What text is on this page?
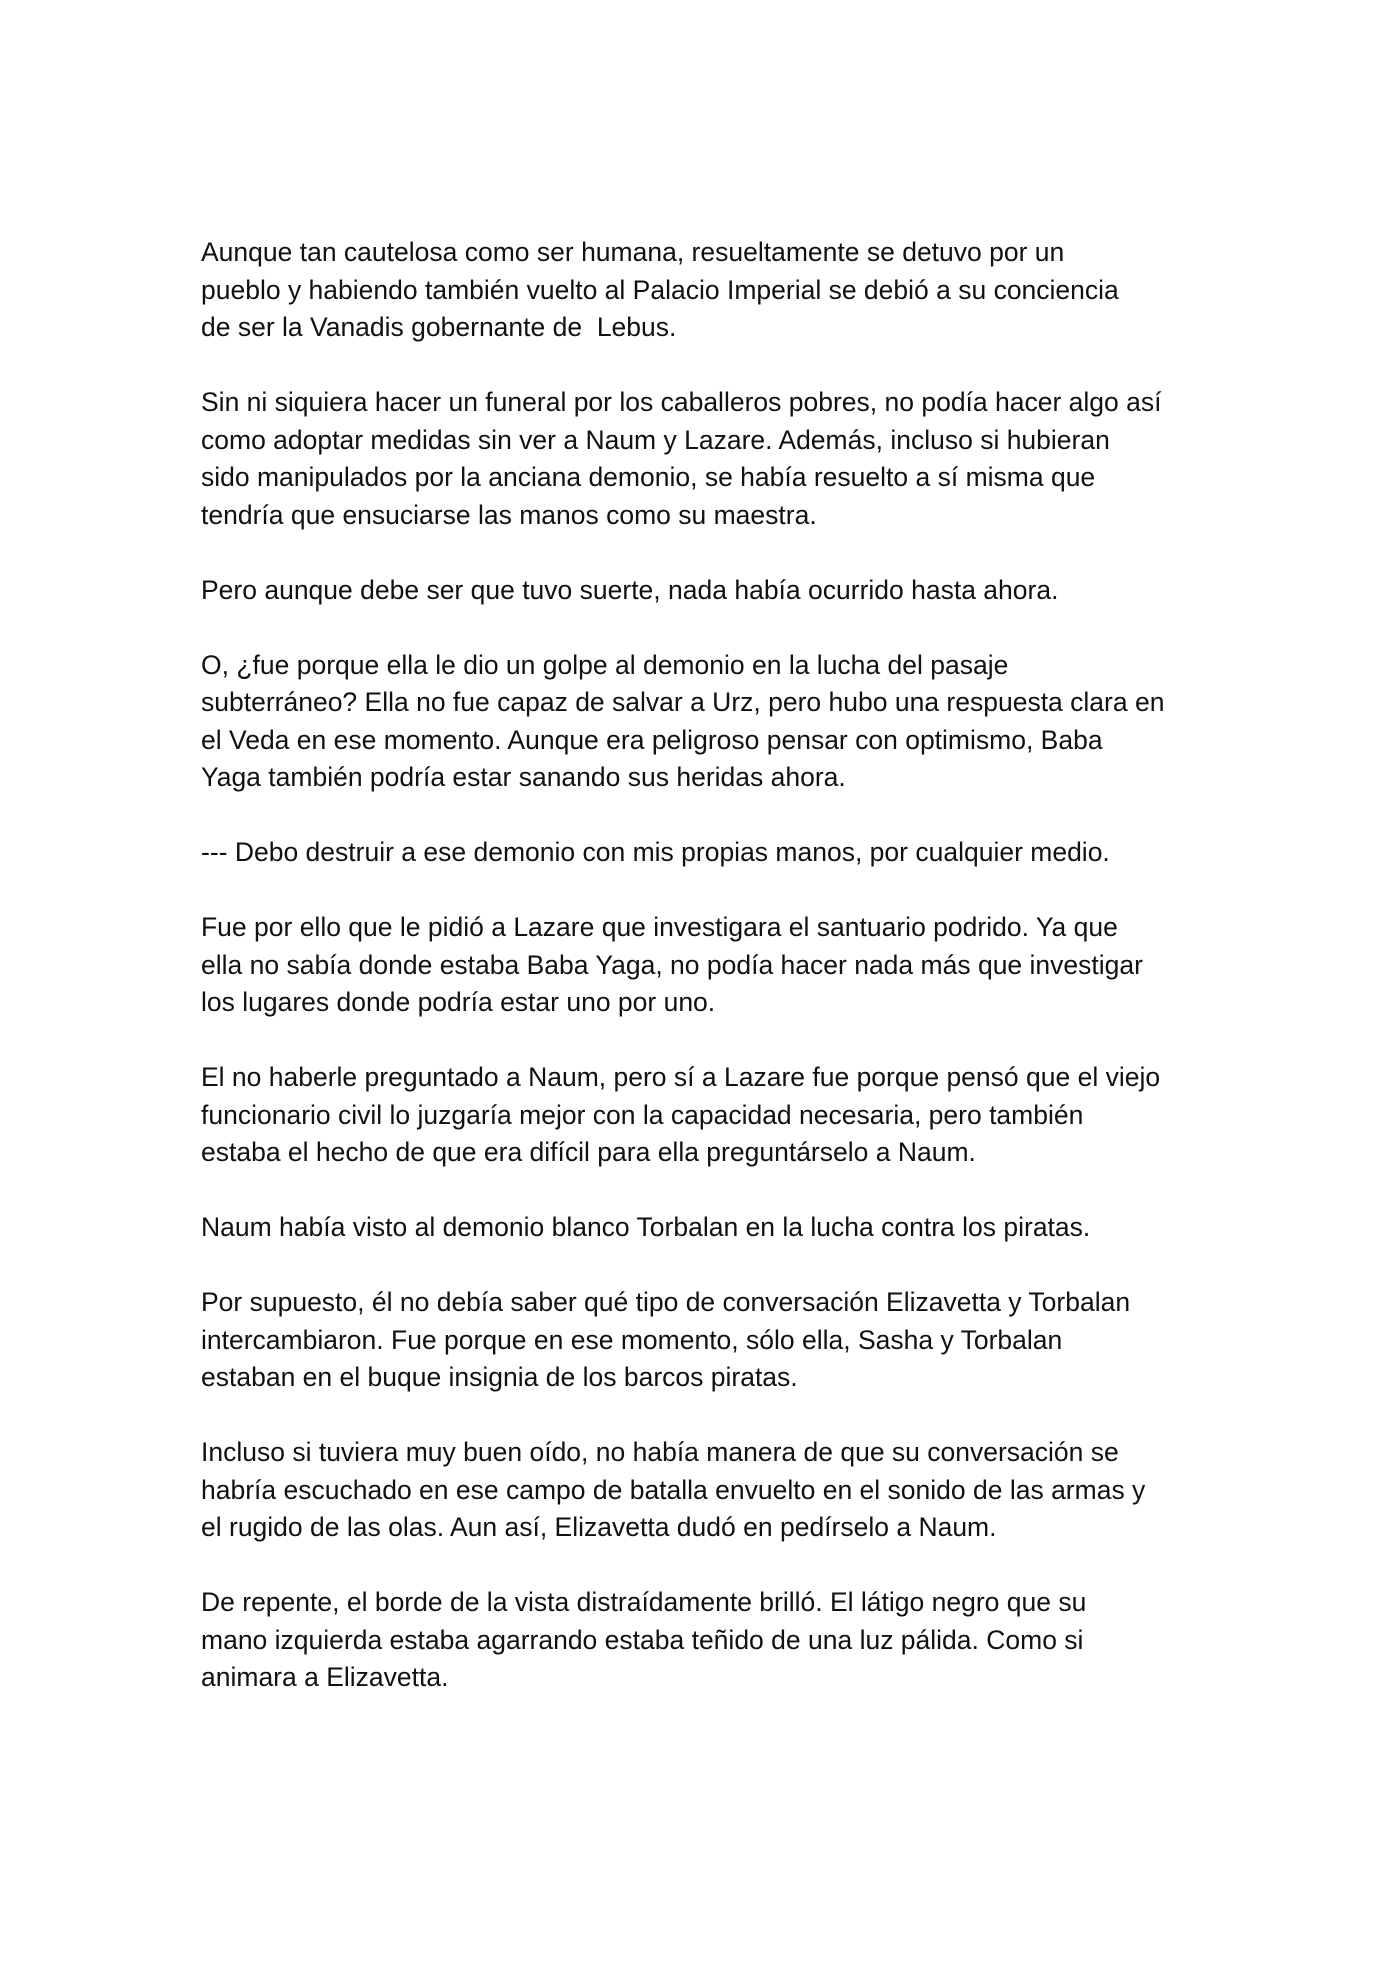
Aunque tan cautelosa como ser humana, resueltamente se detuvo por un
pueblo y habiendo también vuelto al Palacio Imperial se debió a su conciencia
de ser la Vanadis gobernante de  Lebus.

Sin ni siquiera hacer un funeral por los caballeros pobres, no podía hacer algo así
como adoptar medidas sin ver a Naum y Lazare. Además, incluso si hubieran
sido manipulados por la anciana demonio, se había resuelto a sí misma que
tendría que ensuciarse las manos como su maestra.

Pero aunque debe ser que tuvo suerte, nada había ocurrido hasta ahora.

O, ¿fue porque ella le dio un golpe al demonio en la lucha del pasaje
subterráneo? Ella no fue capaz de salvar a Urz, pero hubo una respuesta clara en
el Veda en ese momento. Aunque era peligroso pensar con optimismo, Baba
Yaga también podría estar sanando sus heridas ahora.

--- Debo destruir a ese demonio con mis propias manos, por cualquier medio.

Fue por ello que le pidió a Lazare que investigara el santuario podrido. Ya que
ella no sabía donde estaba Baba Yaga, no podía hacer nada más que investigar
los lugares donde podría estar uno por uno.

El no haberle preguntado a Naum, pero sí a Lazare fue porque pensó que el viejo
funcionario civil lo juzgaría mejor con la capacidad necesaria, pero también
estaba el hecho de que era difícil para ella preguntárselo a Naum.

Naum había visto al demonio blanco Torbalan en la lucha contra los piratas.

Por supuesto, él no debía saber qué tipo de conversación Elizavetta y Torbalan
intercambiaron. Fue porque en ese momento, sólo ella, Sasha y Torbalan
estaban en el buque insignia de los barcos piratas.

Incluso si tuviera muy buen oído, no había manera de que su conversación se
habría escuchado en ese campo de batalla envuelto en el sonido de las armas y
el rugido de las olas. Aun así, Elizavetta dudó en pedírselo a Naum.

De repente, el borde de la vista distraídamente brilló. El látigo negro que su
mano izquierda estaba agarrando estaba teñido de una luz pálida. Como si
animara a Elizavetta.
